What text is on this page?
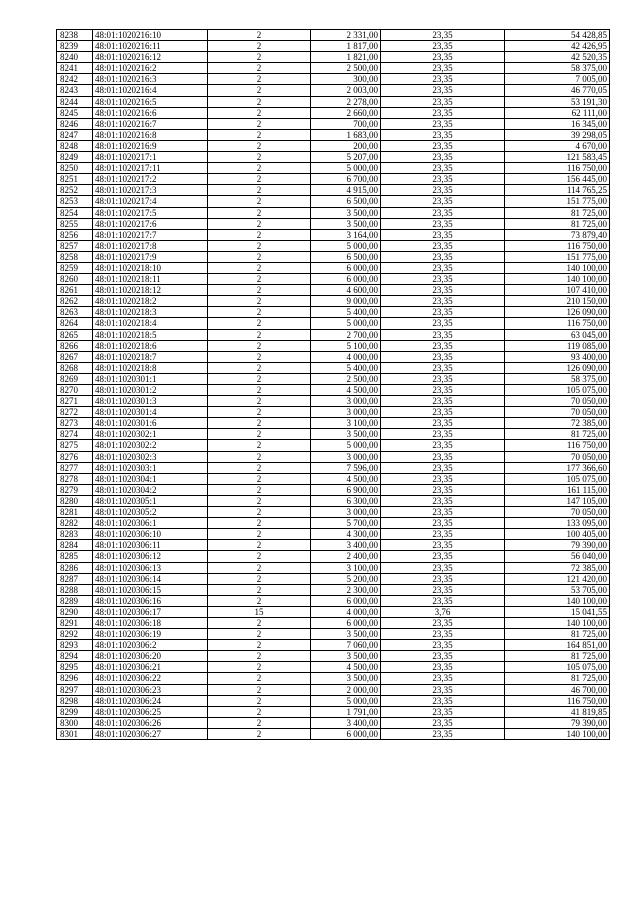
8238	48:01:1020216:10	2	2 331,00	23,35	54 428,85
8239	48:01:1020216:11	2	1 817,00	23,35	42 426,95
8240	48:01:1020216:12	2	1 821,00	23,35	42 520,35
8241	48:01:1020216:2	2	2 500,00	23,35	58 375,00
8242	48:01:1020216:3	2	300,00	23,35	7 005,00
8243	48:01:1020216:4	2	2 003,00	23,35	46 770,05
8244	48:01:1020216:5	2	2 278,00	23,35	53 191,30
8245	48:01:1020216:6	2	2 660,00	23,35	62 111,00
8246	48:01:1020216:7	2	700,00	23,35	16 345,00
8247	48:01:1020216:8	2	1 683,00	23,35	39 298,05
8248	48:01:1020216:9	2	200,00	23,35	4 670,00
8249	48:01:1020217:1	2	5 207,00	23,35	121 583,45
8250	48:01:1020217:11	2	5 000,00	23,35	116 750,00
8251	48:01:1020217:2	2	6 700,00	23,35	156 445,00
8252	48:01:1020217:3	2	4 915,00	23,35	114 765,25
8253	48:01:1020217:4	2	6 500,00	23,35	151 775,00
8254	48:01:1020217:5	2	3 500,00	23,35	81 725,00
8255	48:01:1020217:6	2	3 500,00	23,35	81 725,00
8256	48:01:1020217:7	2	3 164,00	23,35	73 879,40
8257	48:01:1020217:8	2	5 000,00	23,35	116 750,00
8258	48:01:1020217:9	2	6 500,00	23,35	151 775,00
8259	48:01:1020218:10	2	6 000,00	23,35	140 100,00
8260	48:01:1020218:11	2	6 000,00	23,35	140 100,00
8261	48:01:1020218:12	2	4 600,00	23,35	107 410,00
8262	48:01:1020218:2	2	9 000,00	23,35	210 150,00
8263	48:01:1020218:3	2	5 400,00	23,35	126 090,00
8264	48:01:1020218:4	2	5 000,00	23,35	116 750,00
8265	48:01:1020218:5	2	2 700,00	23,35	63 045,00
8266	48:01:1020218:6	2	5 100,00	23,35	119 085,00
8267	48:01:1020218:7	2	4 000,00	23,35	93 400,00
8268	48:01:1020218:8	2	5 400,00	23,35	126 090,00
8269	48:01:1020301:1	2	2 500,00	23,35	58 375,00
8270	48:01:1020301:2	2	4 500,00	23,35	105 075,00
8271	48:01:1020301:3	2	3 000,00	23,35	70 050,00
8272	48:01:1020301:4	2	3 000,00	23,35	70 050,00
8273	48:01:1020301:6	2	3 100,00	23,35	72 385,00
8274	48:01:1020302:1	2	3 500,00	23,35	81 725,00
8275	48:01:1020302:2	2	5 000,00	23,35	116 750,00
8276	48:01:1020302:3	2	3 000,00	23,35	70 050,00
8277	48:01:1020303:1	2	7 596,00	23,35	177 366,60
8278	48:01:1020304:1	2	4 500,00	23,35	105 075,00
8279	48:01:1020304:2	2	6 900,00	23,35	161 115,00
8280	48:01:1020305:1	2	6 300,00	23,35	147 105,00
8281	48:01:1020305:2	2	3 000,00	23,35	70 050,00
8282	48:01:1020306:1	2	5 700,00	23,35	133 095,00
8283	48:01:1020306:10	2	4 300,00	23,35	100 405,00
8284	48:01:1020306:11	2	3 400,00	23,35	79 390,00
8285	48:01:1020306:12	2	2 400,00	23,35	56 040,00
8286	48:01:1020306:13	2	3 100,00	23,35	72 385,00
8287	48:01:1020306:14	2	5 200,00	23,35	121 420,00
8288	48:01:1020306:15	2	2 300,00	23,35	53 705,00
8289	48:01:1020306:16	2	6 000,00	23,35	140 100,00
8290	48:01:1020306:17	15	4 000,00	3,76	15 041,55
8291	48:01:1020306:18	2	6 000,00	23,35	140 100,00
8292	48:01:1020306:19	2	3 500,00	23,35	81 725,00
8293	48:01:1020306:2	2	7 060,00	23,35	164 851,00
8294	48:01:1020306:20	2	3 500,00	23,35	81 725,00
8295	48:01:1020306:21	2	4 500,00	23,35	105 075,00
8296	48:01:1020306:22	2	3 500,00	23,35	81 725,00
8297	48:01:1020306:23	2	2 000,00	23,35	46 700,00
8298	48:01:1020306:24	2	5 000,00	23,35	116 750,00
8299	48:01:1020306:25	2	1 791,00	23,35	41 819,85
8300	48:01:1020306:26	2	3 400,00	23,35	79 390,00
8301	48:01:1020306:27	2	6 000,00	23,35	140 100,00
